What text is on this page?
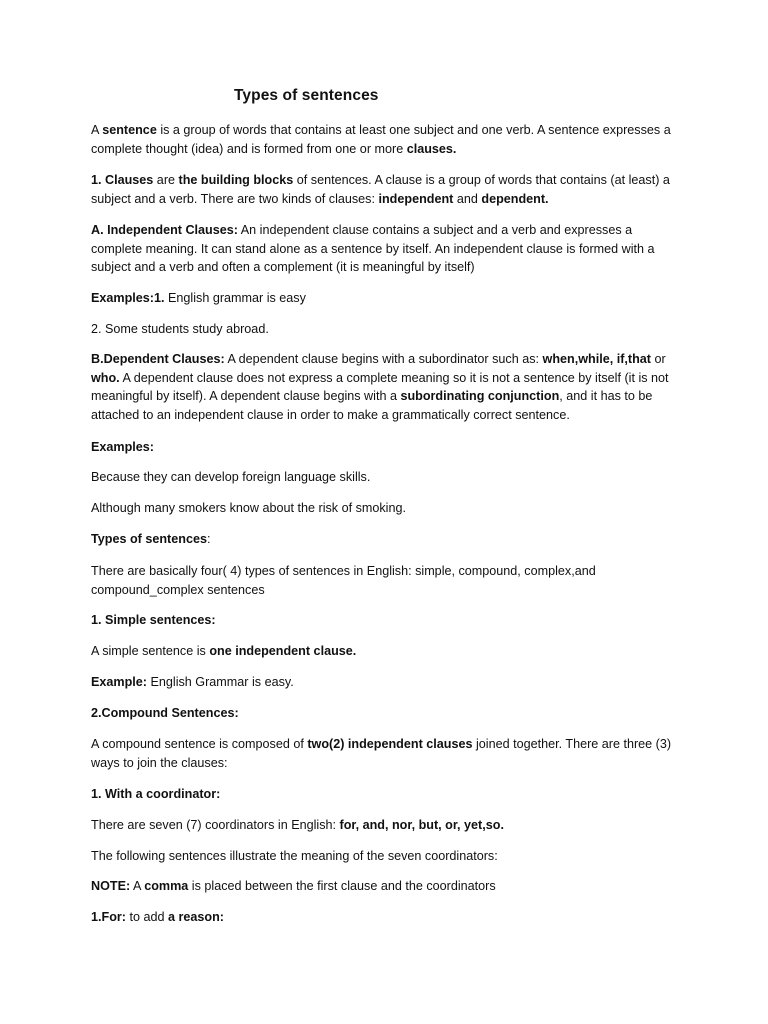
Types of sentences

A sentence is a group of words that contains at least one subject and one verb. A sentence expresses a complete thought (idea) and is formed from one or more clauses.

1. Clauses are the building blocks of sentences. A clause is a group of words that contains (at least) a subject and a verb. There are two kinds of clauses: independent and dependent.

A. Independent Clauses: An independent clause contains a subject and a verb and expresses a complete meaning. It can stand alone as a sentence by itself. An independent clause is formed with a subject and a verb and often a complement (it is meaningful by itself)

Examples:1. English grammar is easy

2. Some students study abroad.

B.Dependent Clauses: A dependent clause begins with a subordinator such as: when,while, if,that or who. A dependent clause does not express a complete meaning so it is not a sentence by itself (it is not meaningful by itself). A dependent clause begins with a subordinating conjunction, and it has to be attached to an independent clause in order to make a grammatically correct sentence.

Examples:

Because they can develop foreign language skills.

Although many smokers know about the risk of smoking.

Types of sentences:

There are basically four( 4) types of sentences in English: simple, compound, complex,and compound_complex sentences

1. Simple sentences:

A simple sentence is one independent clause.

Example: English Grammar is easy.

2.Compound Sentences:

A compound sentence is composed of two(2) independent clauses joined together. There are three (3) ways to join the clauses:

1. With a coordinator:

There are seven (7) coordinators in English: for, and, nor, but, or, yet,so.

The following sentences illustrate the meaning of the seven coordinators:

NOTE: A comma is placed between the first clause and the coordinators

1.For: to add a reason:
